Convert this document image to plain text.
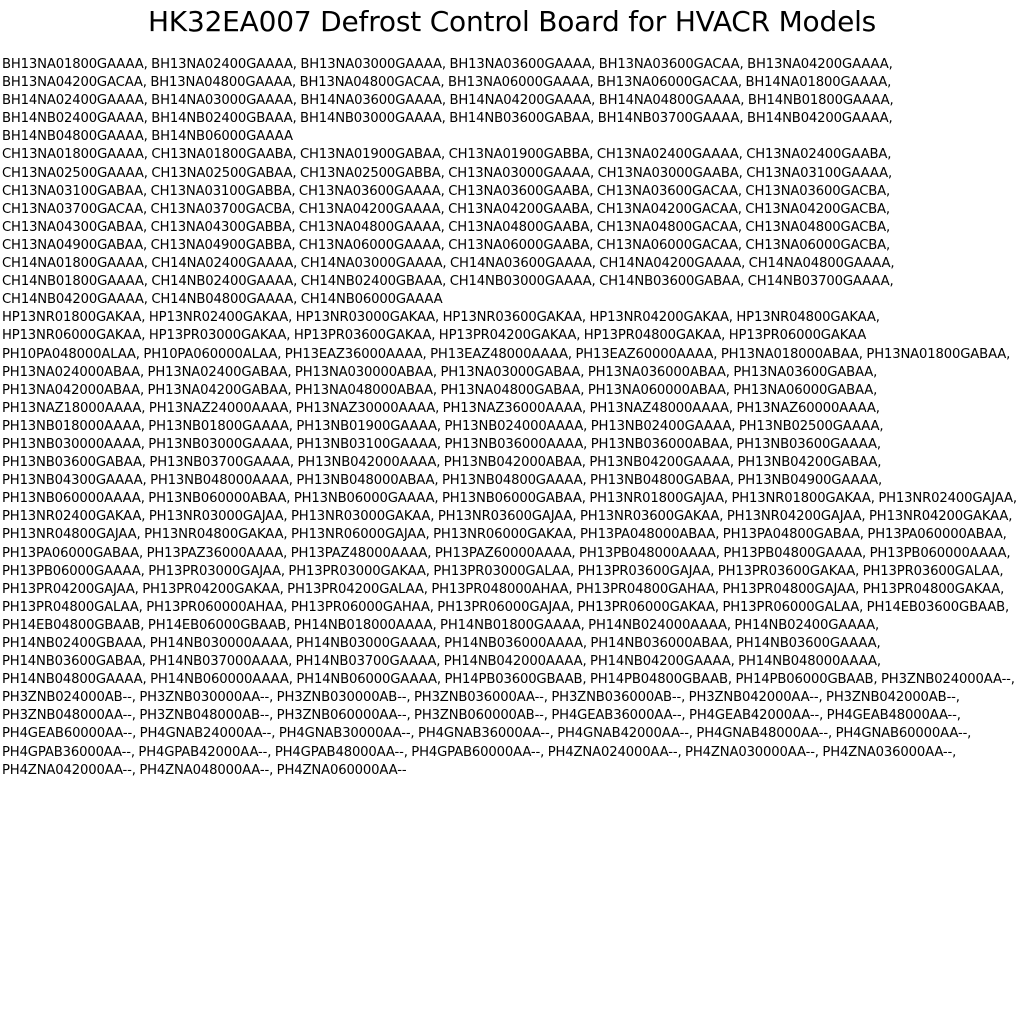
HK32EA007 Defrost Control Board for HVACR Models

BH13NA01800GAAAA, BH13NA02400GAAAA, BH13NA03000GAAAA, BH13NA03600GAAAA, BH13NA03600GACAA, BH13NA04200GAAAA, BH13NA04200GACAA, BH13NA04800GAAAA, BH13NA04800GACAA, BH13NA06000GAAAA, BH13NA06000GACAA, BH14NA01800GAAAA, BH14NA02400GAAAA, BH14NA03000GAAAA, BH14NA03600GAAAA, BH14NA04200GAAAA, BH14NA04800GAAAA, BH14NB01800GAAAA, BH14NB02400GAAAA, BH14NB02400GBAAA, BH14NB03000GAAAA, BH14NB03600GABAA, BH14NB03700GAAAA, BH14NB04200GAAAA, BH14NB04800GAAAA, BH14NB06000GAAAA

CH13NA01800GAAAA, CH13NA01800GAABA, CH13NA01900GABAA, CH13NA01900GABBA, CH13NA02400GAAAA, CH13NA02400GAABA, CH13NA02500GAAAA, CH13NA02500GABAA, CH13NA02500GABBA, CH13NA03000GAAAA, CH13NA03000GAABA, CH13NA03100GAAAA, CH13NA03100GABAA, CH13NA03100GABBA, CH13NA03600GAAAA, CH13NA03600GAABA, CH13NA03600GACAA, CH13NA03600GACBA, CH13NA03700GACAA, CH13NA03700GACBA, CH13NA04200GAAAA, CH13NA04200GAABA, CH13NA04200GACAA, CH13NA04200GACBA, CH13NA04300GABAA, CH13NA04300GABBA, CH13NA04800GAAAA, CH13NA04800GAABA, CH13NA04800GACAA, CH13NA04800GACBA, CH13NA04900GABAA, CH13NA04900GABBA, CH13NA06000GAAAA, CH13NA06000GAABA, CH13NA06000GACAA, CH13NA06000GACBA, CH14NA01800GAAAA, CH14NA02400GAAAA, CH14NA03000GAAAA, CH14NA03600GAAAA, CH14NA04200GAAAA, CH14NA04800GAAAA, CH14NB01800GAAAA, CH14NB02400GAAAA, CH14NB02400GBAAA, CH14NB03000GAAAA, CH14NB03600GABAA, CH14NB03700GAAAA, CH14NB04200GAAAA, CH14NB04800GAAAA, CH14NB06000GAAAA

HP13NR01800GAKAA, HP13NR02400GAKAA, HP13NR03000GAKAA, HP13NR03600GAKAA, HP13NR04200GAKAA, HP13NR04800GAKAA, HP13NR06000GAKAA, HP13PR03000GAKAA, HP13PR03600GAKAA, HP13PR04200GAKAA, HP13PR04800GAKAA, HP13PR06000GAKAA

PH10PA048000ALAA, PH10PA060000ALAA, PH13EAZ36000AAAA, PH13EAZ48000AAAA, PH13EAZ60000AAAA, PH13NA018000ABAA, PH13NA01800GABAA, PH13NA024000ABAA, PH13NA02400GABAA, PH13NA030000ABAA, PH13NA03000GABAA, PH13NA036000ABAA, PH13NA03600GABAA, PH13NA042000ABAA, PH13NA04200GABAA, PH13NA048000ABAA, PH13NA04800GABAA, PH13NA060000ABAA, PH13NA06000GABAA, PH13NAZ18000AAAA, PH13NAZ24000AAAA, PH13NAZ30000AAAA, PH13NAZ36000AAAA, PH13NAZ48000AAAA, PH13NAZ60000AAAA, PH13NB018000AAAA, PH13NB01800GAAAA, PH13NB01900GAAAA, PH13NB024000AAAA, PH13NB02400GAAAA, PH13NB02500GAAAA, PH13NB030000AAAA, PH13NB03000GAAAA, PH13NB03100GAAAA, PH13NB036000AAAA, PH13NB036000ABAA, PH13NB03600GAAAA, PH13NB03600GABAA, PH13NB03700GAAAA, PH13NB042000AAAA, PH13NB042000ABAA, PH13NB04200GAAAA, PH13NB04200GABAA, PH13NB04300GAAAA, PH13NB048000AAAA, PH13NB048000ABAA, PH13NB04800GAAAA, PH13NB04800GABAA, PH13NB04900GAAAA, PH13NB060000AAAA, PH13NB060000ABAA, PH13NB06000GAAAA, PH13NB06000GABAA, PH13NR01800GAJAA, PH13NR01800GAKAA, PH13NR02400GAJAA, PH13NR02400GAKAA, PH13NR03000GAJAA, PH13NR03000GAKAA, PH13NR03600GAJAA, PH13NR03600GAKAA, PH13NR04200GAJAA, PH13NR04200GAKAA, PH13NR04800GAJAA, PH13NR04800GAKAA, PH13NR06000GAJAA, PH13NR06000GAKAA, PH13PA048000ABAA, PH13PA04800GABAA, PH13PA060000ABAA, PH13PA06000GABAA, PH13PAZ36000AAAA, PH13PAZ48000AAAA, PH13PAZ60000AAAA, PH13PB048000AAAA, PH13PB04800GAAAA, PH13PB060000AAAA, PH13PB06000GAAAA, PH13PR03000GAJAA, PH13PR03000GAKAA, PH13PR03000GALAA, PH13PR03600GAJAA, PH13PR03600GAKAA, PH13PR03600GALAA, PH13PR04200GAJAA, PH13PR04200GAKAA, PH13PR04200GALAA, PH13PR048000AHAA, PH13PR04800GAHAA, PH13PR04800GAJAA, PH13PR04800GAKAA, PH13PR04800GALAA, PH13PR060000AHAA, PH13PR06000GAHAA, PH13PR06000GAJAA, PH13PR06000GAKAA, PH13PR06000GALAA, PH14EB03600GBAAB, PH14EB04800GBAAB, PH14EB06000GBAAB, PH14NB018000AAAA, PH14NB01800GAAAA, PH14NB024000AAAA, PH14NB02400GAAAA, PH14NB02400GBAAA, PH14NB030000AAAA, PH14NB03000GAAAA, PH14NB036000AAAA, PH14NB036000ABAA, PH14NB03600GAAAA, PH14NB03600GABAA, PH14NB037000AAAA, PH14NB03700GAAAA, PH14NB042000AAAA, PH14NB04200GAAAA, PH14NB048000AAAA, PH14NB04800GAAAA, PH14NB060000AAAA, PH14NB06000GAAAA, PH14PB03600GBAAB, PH14PB04800GBAAB, PH14PB06000GBAAB, PH3ZNB024000AA--, PH3ZNB024000AB--, PH3ZNB030000AA--, PH3ZNB030000AB--, PH3ZNB036000AA--, PH3ZNB036000AB--, PH3ZNB042000AA--, PH3ZNB042000AB--, PH3ZNB048000AA--, PH3ZNB048000AB--, PH3ZNB060000AA--, PH3ZNB060000AB--, PH4GEAB36000AA--, PH4GEAB42000AA--, PH4GEAB48000AA--, PH4GEAB60000AA--, PH4GNAB24000AA--, PH4GNAB30000AA--, PH4GNAB36000AA--, PH4GNAB42000AA--, PH4GNAB48000AA--, PH4GNAB60000AA--, PH4GPAB36000AA--, PH4GPAB42000AA--, PH4GPAB48000AA--, PH4GPAB60000AA--, PH4ZNA024000AA--, PH4ZNA030000AA--, PH4ZNA036000AA--, PH4ZNA042000AA--, PH4ZNA048000AA--, PH4ZNA060000AA--
